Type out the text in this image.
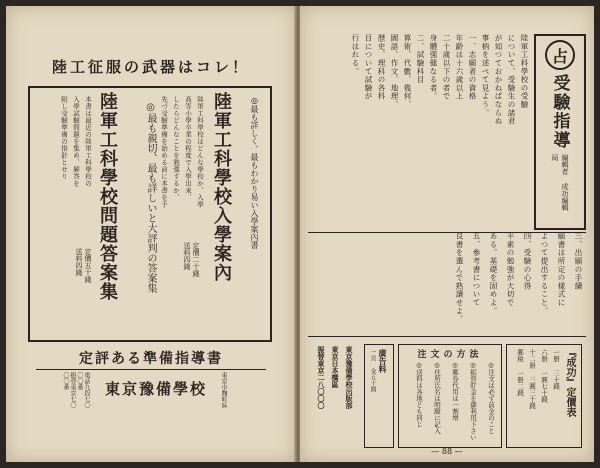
陸工征服の武器はコレ！
◎最も詳しく、最もわかり易い入學案內書
陸軍工科學校入學案內
陸軍工科學校はどんな學校か、入學
高等小學卒業の程度で入學出來、
したらどんなことを勉強するか、
先づ受驗準備を始める前に本書を手
定價二十錢 送料四錢
◎最も親切、最も詳しいと大評判の答案集
陸軍工科學校問題答案集
本書は最近の陸軍工科學校の
入學試驗問題を集め、解答を
附し受驗準備の指針とせり
定價五十錢 送料四錢
定評ある準備指導書
東京豫備學校	東京市麴町區
振替東京七〇〇〇番	電話九段七〇〇〇番
占
受驗指導
編輯者 成功編輯局
陸軍工科學校の受驗
について、受驗生の諸君
が知つておかねばならぬ
事柄を述べて見よう。
一、志願者の資格
年齡は十六歲以上
二十歲以下の者で
身體强健なる者。
二、試驗科目
算術、代數、幾何、
國語、作文、地理、
歷史、理科の各科
目について試驗が
行はれる。
三、出願の手續
願書は所定の樣式に
よつて提出すること。
四、受驗の心得
平素の勉強が大切で
ある。基礎を固めよ。
五、參考書について
良書を選んで熟讀せよ。
『成功』定價表
一册 三十錢
六册 一圓七十錢
十二册 三圓三十錢
郵稅 一册二錢
注文の方法
◎注文は必ず前金のこと
◎振替貯金を御利用下さい
◎郵券代用は一割增
◎住所氏名は明瞭に記入
◎送料は各地とも同じ
廣告料
一頁 金五十圓
東京豫備學校出版部
東京日本橋區
振替東京二八〇〇〇
— 88 —
